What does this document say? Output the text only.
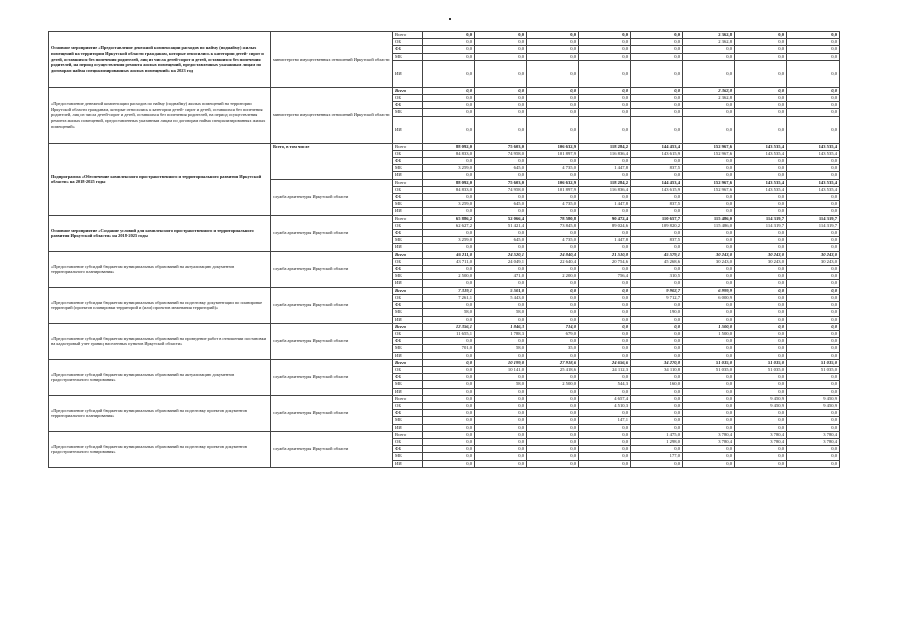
Основное мероприятие «Предоставление денежной компенсации расходов по найму (поднайму) жилых помещений на территории Иркутской области гражданам, которые относились к категории детей- сирот и детей, оставшихся без попечения родителей, лиц из числа детей-сирот и детей, оставшихся без попечения родителей, на период осуществления ремонта жилых помещений, предоставленных указанным лицам по договорам найма специализированных жилых помещений» на 2023 год	министерство имущественных отношений Иркутской области	Всего	0,0	0,0	0,0	0,0	0,0	2 362,8	0,0	0,0
		ОБ	0,0	0,0	0,0	0,0	0,0	2 362,8	0,0	0,0
		ФБ	0,0	0,0	0,0	0,0	0,0	0,0	0,0	0,0
		МБ	0,0	0,0	0,0	0,0	0,0	0,0	0,0	0,0
		ИИ	0,0	0,0	0,0	0,0	0,0	0,0	0,0	0,0
«Предоставление денежной компенсации расходов по найму (поднайму) жилых помещений на территории Иркутской области гражданам, которые относились к категории детей- сирот и детей, оставшихся без попечения родителей, лиц из числа детей-сирот и детей, оставшихся без попечения родителей, на период осуществления ремонта жилых помещений, предоставленных указанным лицам по договорам найма специализированных жилых помещений»	министерство имущественных отношений Иркутской области	Всего	0,0	0,0	0,0	0,0	0,0	2 362,8	0,0	0,0
		ОБ	0,0	0,0	0,0	0,0	0,0	2 362,8	0,0	0,0
		ФБ	0,0	0,0	0,0	0,0	0,0	0,0	0,0	0,0
		МБ	0,0	0,0	0,0	0,0	0,0	0,0	0,0	0,0
		ИИ	0,0	0,0	0,0	0,0	0,0	0,0	0,0	0,0
Подпрограмма «Обеспечение комплексного пространственного и территориального развития Иркутской области» на 2018-2025 годы	Всего, в том числе	Всего	88 092,0	75 603,0	106 632,9	118 284,2	144 453,4	152 967,6	143 535,4	143 535,4
		ОБ	84 833,0	74 958,0	101 897,9	116 836,4	143 615,9	152 967,6	143 535,4	143 535,4
		ФБ	0,0	0,0	0,0	0,0	0,0	0,0	0,0	0,0
		МБ	3 259,0	645,0	4 735,0	1 447,8	837,5	0,0	0,0	0,0
		ИИ	0,0	0,0	0,0	0,0	0,0	0,0	0,0	0,0
	служба архитектуры Иркутской области	Всего	88 092,0	75 603,0	106 632,9	118 284,2	144 453,4	152 967,6	143 535,4	143 535,4
		ОБ	84 833,0	74 958,0	101 897,9	116 836,4	143 615,9	152 967,6	143 535,4	143 535,4
		ФБ	0,0	0,0	0,0	0,0	0,0	0,0	0,0	0,0
		МБ	3 259,0	645,0	4 735,0	1 447,8	837,5	0,0	0,0	0,0
		ИИ	0,0	0,0	0,0	0,0	0,0	0,0	0,0	0,0
Основное мероприятие «Создание условий для комплексного пространственного и территориального развития Иркутской области» на 2018-2025 годы	служба архитектуры Иркутской области	Всего	65 886,2	52 066,4	78 580,8	90 472,4	110 657,7	115 486,0	114 319,7	114 319,7
		ОБ	62 627,2	51 421,4	73 845,8	89 024,6	109 820,2	115 486,0	114 319,7	114 319,7
		ФБ	0,0	0,0	0,0	0,0	0,0	0,0	0,0	0,0
		МБ	3 259,0	645,0	4 735,0	1 447,8	837,5	0,0	0,0	0,0
		ИИ	0,0	0,0	0,0	0,0	0,0	0,0	0,0	0,0
«Предоставление субсидий бюджетам муниципальных образований на актуализацию документов территориального планирования»	служба архитектуры Иркутской области	Всего	46 211,0	24 520,1	24 840,4	21 510,8	45 579,1	30 243,0	30 243,0	30 243,0
		ОБ	43 711,0	24 049,1	22 640,4	20 754,6	45 268,6	30 243,0	30 243,0	30 243,0
		ФБ	0,0	0,0	0,0	0,0	0,0	0,0	0,0	0,0
		МБ	2 500,0	471,0	2 200,0	756,4	310,5	0,0	0,0	0,0
		ИИ	0,0	0,0	0,0	0,0	0,0	0,0	0,0	0,0
«Предоставление субсидии бюджетам муниципальных образований на подготовку документации по планировке территорий (проектов планировки территорий и (или) проектов межевания территорий)»	служба архитектуры Иркутской области	Всего	7 319,1	5 501,0	0,0	0,0	9 902,7	6 999,9	0,0	0,0
		ОБ	7 261,1	5 443,0	0,0	0,0	9 712,7	6 000,9	0,0	0,0
		ФБ	0,0	0,0	0,0	0,0	0,0	0,0	0,0	0,0
		МБ	58,0	58,0	0,0	0,0	190,0	0,0	0,0	0,0
		ИИ	0,0	0,0	0,0	0,0	0,0	0,0	0,0	0,0
«Предоставление субсидий бюджетам муниципальных образований на проведение работ в отношении постановки на кадастровый учет границ населенных пунктов Иркутской области»	служба архитектуры Иркутской области	Всего	12 356,1	1 846,3	714,0	0,0	0,0	1 500,0	0,0	0,0
		ОБ	11 655,1	1 788,3	679,0	0,0	0,0	1 500,0	0,0	0,0
		ФБ	0,0	0,0	0,0	0,0	0,0	0,0	0,0	0,0
		МБ	701,0	58,0	35,0	0,0	0,0	0,0	0,0	0,0
		ИИ	0,0	0,0	0,0	0,0	0,0	0,0	0,0	0,0
«Предоставление субсидий бюджетам муниципальных образований на актуализацию документов градостроительного зонирования»	служба архитектуры Иркутской области	Всего	0,0	10 199,0	27 918,6	24 656,6	34 270,8	51 035,0	51 035,0	51 035,0
		ОБ	0,0	10 141,0	25 418,6	24 112,3	34 110,8	51 035,0	51 035,0	51 035,0
		ФБ	0,0	0,0	0,0	0,0	0,0	0,0	0,0	0,0
		МБ	0,0	58,0	2 500,0	544,3	160,0	0,0	0,0	0,0
		ИИ	0,0	0,0	0,0	0,0	0,0	0,0	0,0	0,0
«Предоставление субсидий бюджетам муниципальных образований на подготовку проектов документов территориального планирования»	служба архитектуры Иркутской области	Всего	0,0	0,0	0,0	4 657,4	0,0	0,0	9 450,9	9 450,9
		ОБ	0,0	0,0	0,0	4 510,3	0,0	0,0	9 450,9	9 450,9
		ФБ	0,0	0,0	0,0	0,0	0,0	0,0	0,0	0,0
		МБ	0,0	0,0	0,0	147,1	0,0	0,0	0,0	0,0
		ИИ	0,0	0,0	0,0	0,0	0,0	0,0	0,0	0,0
«Предоставление субсидий бюджетам муниципальных образований на подготовку проектов документов градостроительного зонирования»	служба архитектуры Иркутской области	Всего	0,0	0,0	0,0	0,0	1 475,0	3 780,4	3 780,4	3 780,4
		ОБ	0,0	0,0	0,0	0,0	1 298,0	3 780,4	3 780,4	3 780,4
		ФБ	0,0	0,0	0,0	0,0	0,0	0,0	0,0	0,0
		МБ	0,0	0,0	0,0	0,0	177,0	0,0	0,0	0,0
		ИИ	0,0	0,0	0,0	0,0	0,0	0,0	0,0	0,0
